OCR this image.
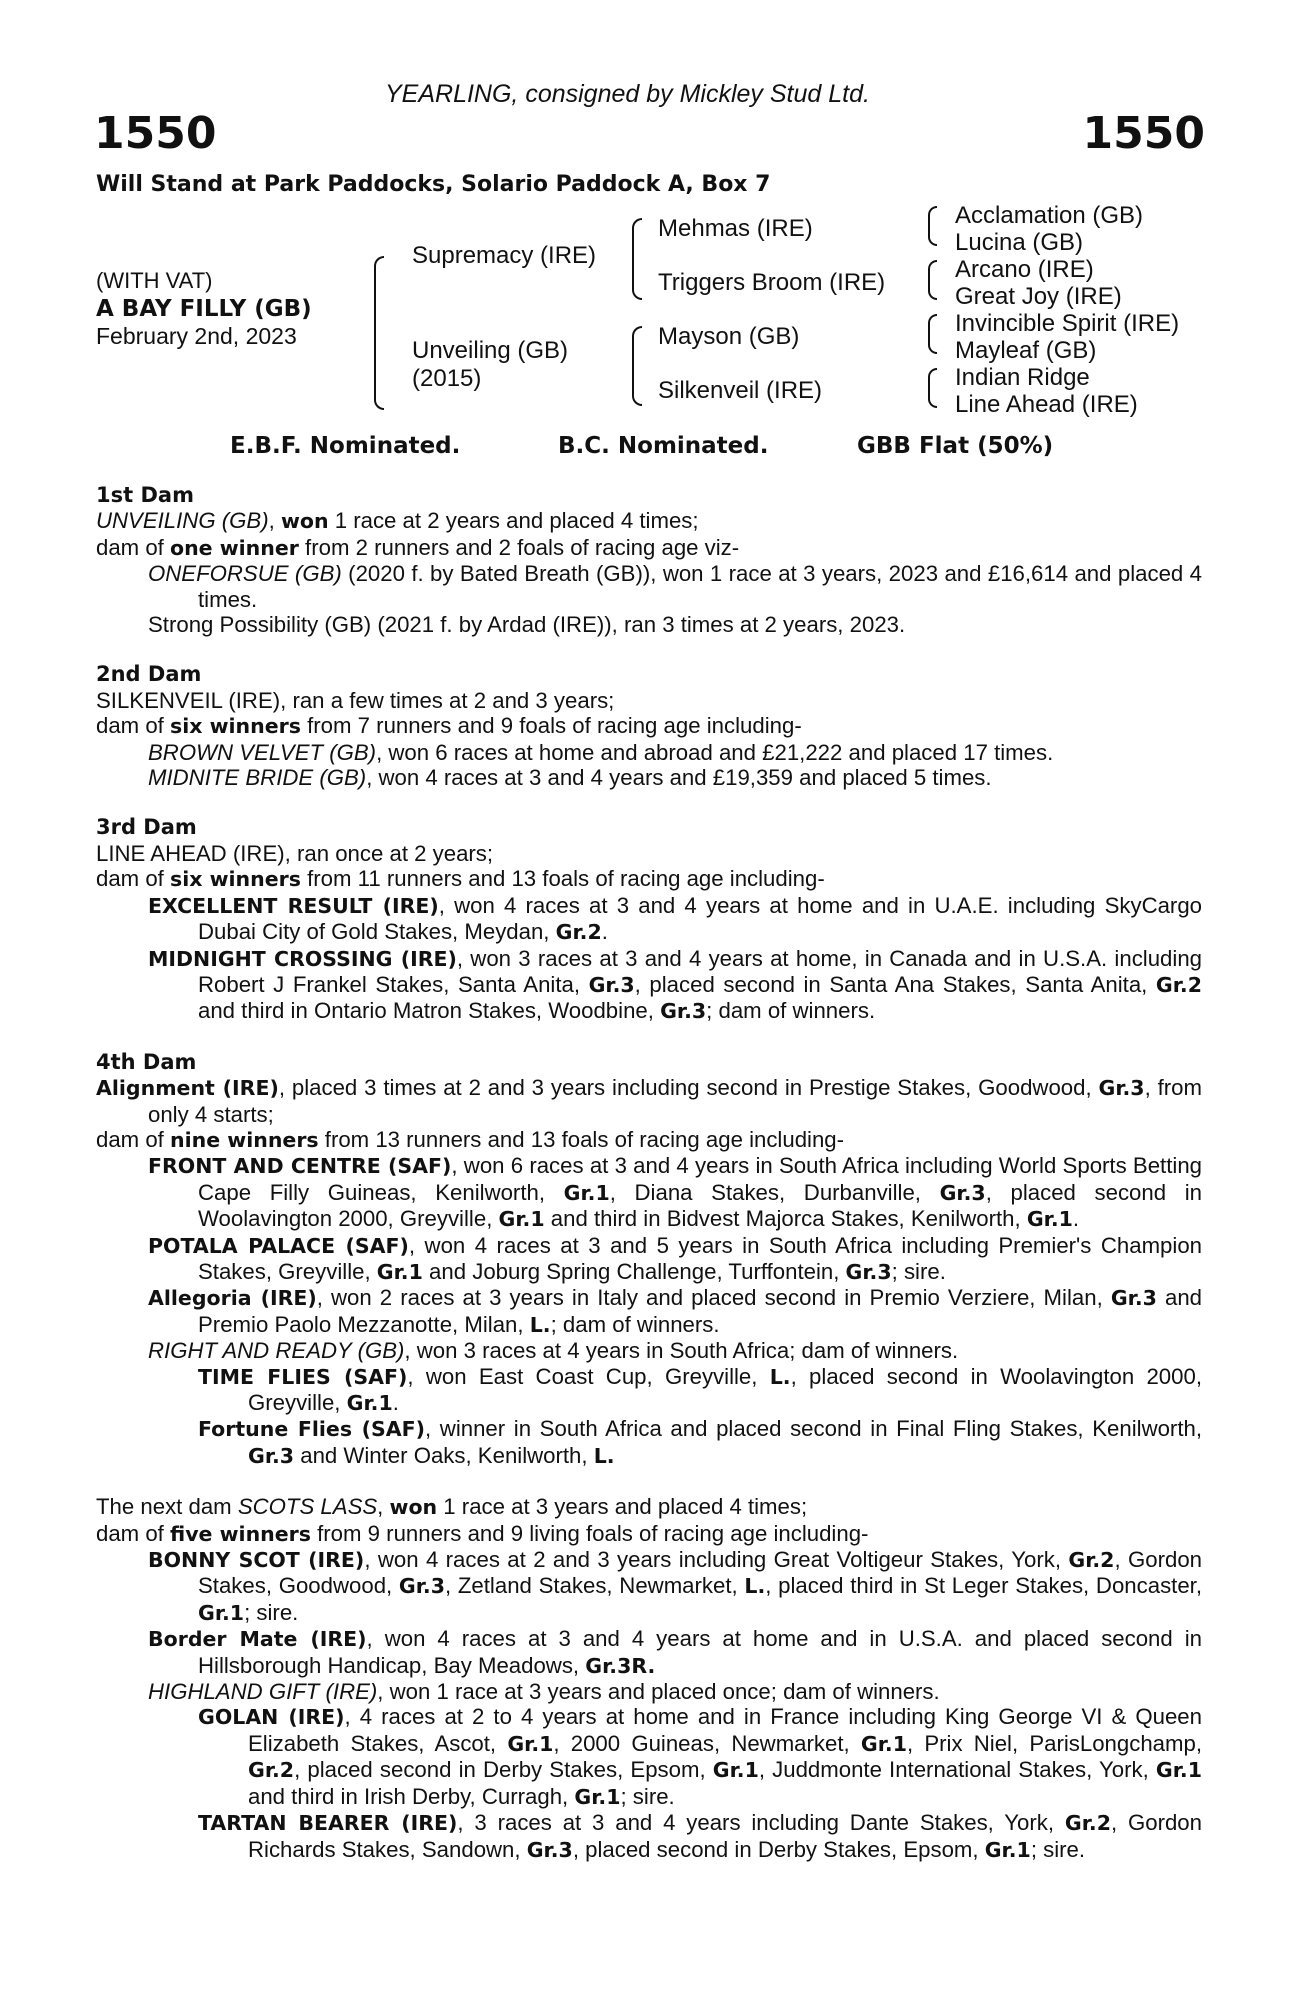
YEARLING, consigned by Mickley Stud Ltd.
1550	1550
Will Stand at Park Paddocks, Solario Paddock A, Box 7
(WITH VAT)
A BAY FILLY (GB)
February 2nd, 2023
Supremacy (IRE)
Unveiling (GB)
(2015)
Mehmas (IRE)
Triggers Broom (IRE)
Mayson (GB)
Silkenveil (IRE)
Acclamation (GB)
Lucina (GB)
Arcano (IRE)
Great Joy (IRE)
Invincible Spirit (IRE)
Mayleaf (GB)
Indian Ridge
Line Ahead (IRE)
E.B.F. Nominated.	B.C. Nominated.	GBB Flat (50%)

1st Dam

UNVEILING (GB), won 1 race at 2 years and placed 4 times;

dam of one winner from 2 runners and 2 foals of racing age viz-

ONEFORSUE (GB) (2020 f. by Bated Breath (GB)), won 1 race at 3 years, 2023 and £16,614 and placed 4 times.

Strong Possibility (GB) (2021 f. by Ardad (IRE)), ran 3 times at 2 years, 2023.

2nd Dam

SILKENVEIL (IRE), ran a few times at 2 and 3 years;

dam of six winners from 7 runners and 9 foals of racing age including-

BROWN VELVET (GB), won 6 races at home and abroad and £21,222 and placed 17 times.

MIDNITE BRIDE (GB), won 4 races at 3 and 4 years and £19,359 and placed 5 times.

3rd Dam

LINE AHEAD (IRE), ran once at 2 years;

dam of six winners from 11 runners and 13 foals of racing age including-

EXCELLENT RESULT (IRE), won 4 races at 3 and 4 years at home and in U.A.E. including SkyCargo Dubai City of Gold Stakes, Meydan, Gr.2.

MIDNIGHT CROSSING (IRE), won 3 races at 3 and 4 years at home, in Canada and in U.S.A. including Robert J Frankel Stakes, Santa Anita, Gr.3, placed second in Santa Ana Stakes, Santa Anita, Gr.2 and third in Ontario Matron Stakes, Woodbine, Gr.3; dam of winners.

4th Dam

Alignment (IRE), placed 3 times at 2 and 3 years including second in Prestige Stakes, Goodwood, Gr.3, from only 4 starts;

dam of nine winners from 13 runners and 13 foals of racing age including-

FRONT AND CENTRE (SAF), won 6 races at 3 and 4 years in South Africa including World Sports Betting Cape Filly Guineas, Kenilworth, Gr.1, Diana Stakes, Durbanville, Gr.3, placed second in Woolavington 2000, Greyville, Gr.1 and third in Bidvest Majorca Stakes, Kenilworth, Gr.1.

POTALA PALACE (SAF), won 4 races at 3 and 5 years in South Africa including Premier's Champion Stakes, Greyville, Gr.1 and Joburg Spring Challenge, Turffontein, Gr.3; sire.

Allegoria (IRE), won 2 races at 3 years in Italy and placed second in Premio Verziere, Milan, Gr.3 and Premio Paolo Mezzanotte, Milan, L.; dam of winners.

RIGHT AND READY (GB), won 3 races at 4 years in South Africa; dam of winners.

TIME FLIES (SAF), won East Coast Cup, Greyville, L., placed second in Woolavington 2000, Greyville, Gr.1.

Fortune Flies (SAF), winner in South Africa and placed second in Final Fling Stakes, Kenilworth, Gr.3 and Winter Oaks, Kenilworth, L.

The next dam SCOTS LASS, won 1 race at 3 years and placed 4 times;

dam of five winners from 9 runners and 9 living foals of racing age including-

BONNY SCOT (IRE), won 4 races at 2 and 3 years including Great Voltigeur Stakes, York, Gr.2, Gordon Stakes, Goodwood, Gr.3, Zetland Stakes, Newmarket, L., placed third in St Leger Stakes, Doncaster, Gr.1; sire.

Border Mate (IRE), won 4 races at 3 and 4 years at home and in U.S.A. and placed second in Hillsborough Handicap, Bay Meadows, Gr.3R.

HIGHLAND GIFT (IRE), won 1 race at 3 years and placed once; dam of winners.

GOLAN (IRE), 4 races at 2 to 4 years at home and in France including King George VI & Queen Elizabeth Stakes, Ascot, Gr.1, 2000 Guineas, Newmarket, Gr.1, Prix Niel, ParisLongchamp, Gr.2, placed second in Derby Stakes, Epsom, Gr.1, Juddmonte International Stakes, York, Gr.1 and third in Irish Derby, Curragh, Gr.1; sire.

TARTAN BEARER (IRE), 3 races at 3 and 4 years including Dante Stakes, York, Gr.2, Gordon Richards Stakes, Sandown, Gr.3, placed second in Derby Stakes, Epsom, Gr.1; sire.
